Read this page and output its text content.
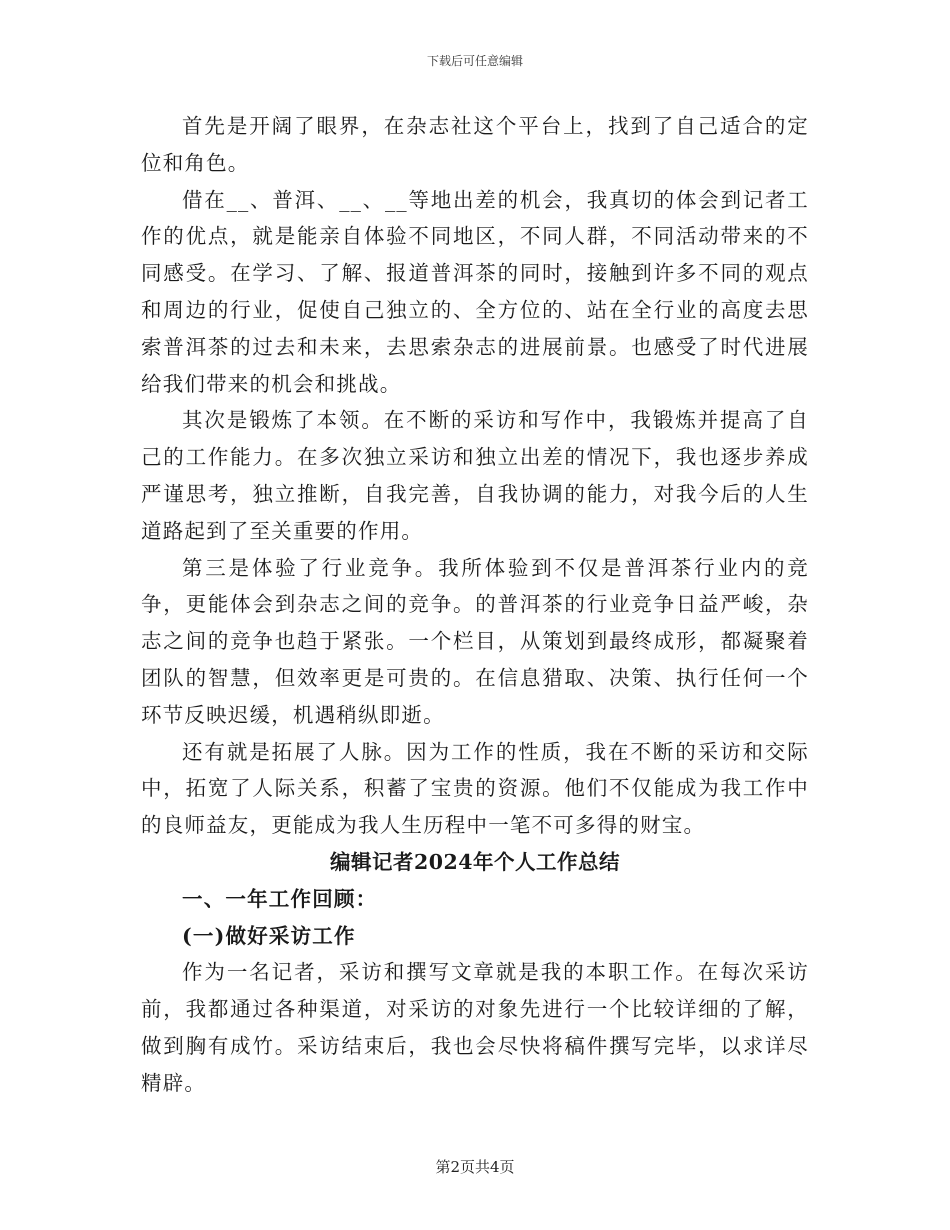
下载后可任意编辑

首先是开阔了眼界，在杂志社这个平台上，找到了自己适合的定位和角色。

借在__、普洱、__、__等地出差的机会，我真切的体会到记者工作的优点，就是能亲自体验不同地区，不同人群，不同活动带来的不同感受。在学习、了解、报道普洱茶的同时，接触到许多不同的观点和周边的行业，促使自己独立的、全方位的、站在全行业的高度去思索普洱茶的过去和未来，去思索杂志的进展前景。也感受了时代进展给我们带来的机会和挑战。

其次是锻炼了本领。在不断的采访和写作中，我锻炼并提高了自己的工作能力。在多次独立采访和独立出差的情况下，我也逐步养成严谨思考，独立推断，自我完善，自我协调的能力，对我今后的人生道路起到了至关重要的作用。

第三是体验了行业竞争。我所体验到不仅是普洱茶行业内的竞争，更能体会到杂志之间的竞争。的普洱茶的行业竞争日益严峻，杂志之间的竞争也趋于紧张。一个栏目，从策划到最终成形，都凝聚着团队的智慧，但效率更是可贵的。在信息猎取、决策、执行任何一个环节反映迟缓，机遇稍纵即逝。

还有就是拓展了人脉。因为工作的性质，我在不断的采访和交际中，拓宽了人际关系，积蓄了宝贵的资源。他们不仅能成为我工作中的良师益友，更能成为我人生历程中一笔不可多得的财宝。

编辑记者2024年个人工作总结

一、一年工作回顾：

(一)做好采访工作

作为一名记者，采访和撰写文章就是我的本职工作。在每次采访前，我都通过各种渠道，对采访的对象先进行一个比较详细的了解，做到胸有成竹。采访结束后，我也会尽快将稿件撰写完毕，以求详尽精辟。

第2页共4页
